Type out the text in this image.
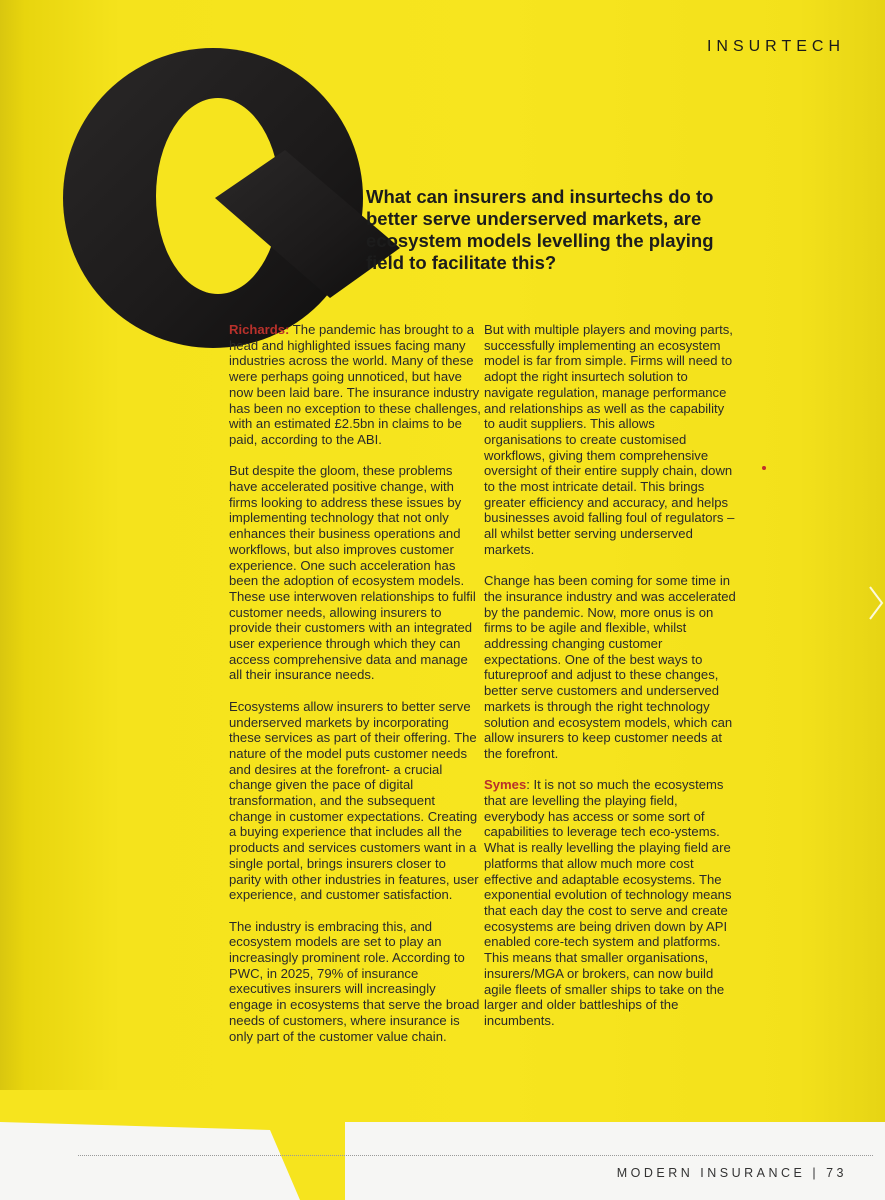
INSURTECH
What can insurers and insurtechs do to better serve underserved markets, are ecosystem models levelling the playing field to facilitate this?

Richards: The pandemic has brought to a head and highlighted issues facing many industries across the world. Many of these were perhaps going unnoticed, but have now been laid bare. The insurance industry has been no exception to these challenges, with an estimated £2.5bn in claims to be paid, according to the ABI.

But despite the gloom, these problems have accelerated positive change, with firms looking to address these issues by implementing technology that not only enhances their business operations and workflows, but also improves customer experience. One such acceleration has been the adoption of ecosystem models. These use interwoven relationships to fulfil customer needs, allowing insurers to provide their customers with an integrated user experience through which they can access comprehensive data and manage all their insurance needs.

Ecosystems allow insurers to better serve underserved markets by incorporating these services as part of their offering. The nature of the model puts customer needs and desires at the forefront- a crucial change given the pace of digital transformation, and the subsequent change in customer expectations. Creating a buying experience that includes all the products and services customers want in a single portal, brings insurers closer to parity with other industries in features, user experience, and customer satisfaction.

The industry is embracing this, and ecosystem models are set to play an increasingly prominent role. According to PWC, in 2025, 79% of insurance executives insurers will increasingly engage in ecosystems that serve the broad needs of customers, where insurance is only part of the customer value chain.

But with multiple players and moving parts, successfully implementing an ecosystem model is far from simple. Firms will need to adopt the right insurtech solution to navigate regulation, manage performance and relationships as well as the capability to audit suppliers. This allows organisations to create customised workflows, giving them comprehensive oversight of their entire supply chain, down to the most intricate detail. This brings greater efficiency and accuracy, and helps businesses avoid falling foul of regulators – all whilst better serving underserved markets.

Change has been coming for some time in the insurance industry and was accelerated by the pandemic. Now, more onus is on firms to be agile and flexible, whilst addressing changing customer expectations. One of the best ways to futureproof and adjust to these changes, better serve customers and underserved markets is through the right technology solution and ecosystem models, which can allow insurers to keep customer needs at the forefront.

Symes: It is not so much the ecosystems that are levelling the playing field, everybody has access or some sort of capabilities to leverage tech eco-ystems. What is really levelling the playing field are platforms that allow much more cost effective and adaptable ecosystems. The exponential evolution of technology means that each day the cost to serve and create ecosystems are being driven down by API enabled core-tech system and platforms. This means that smaller organisations, insurers/MGA or brokers, can now build agile fleets of smaller ships to take on the larger and older battleships of the incumbents.

MODERN INSURANCE | 73
